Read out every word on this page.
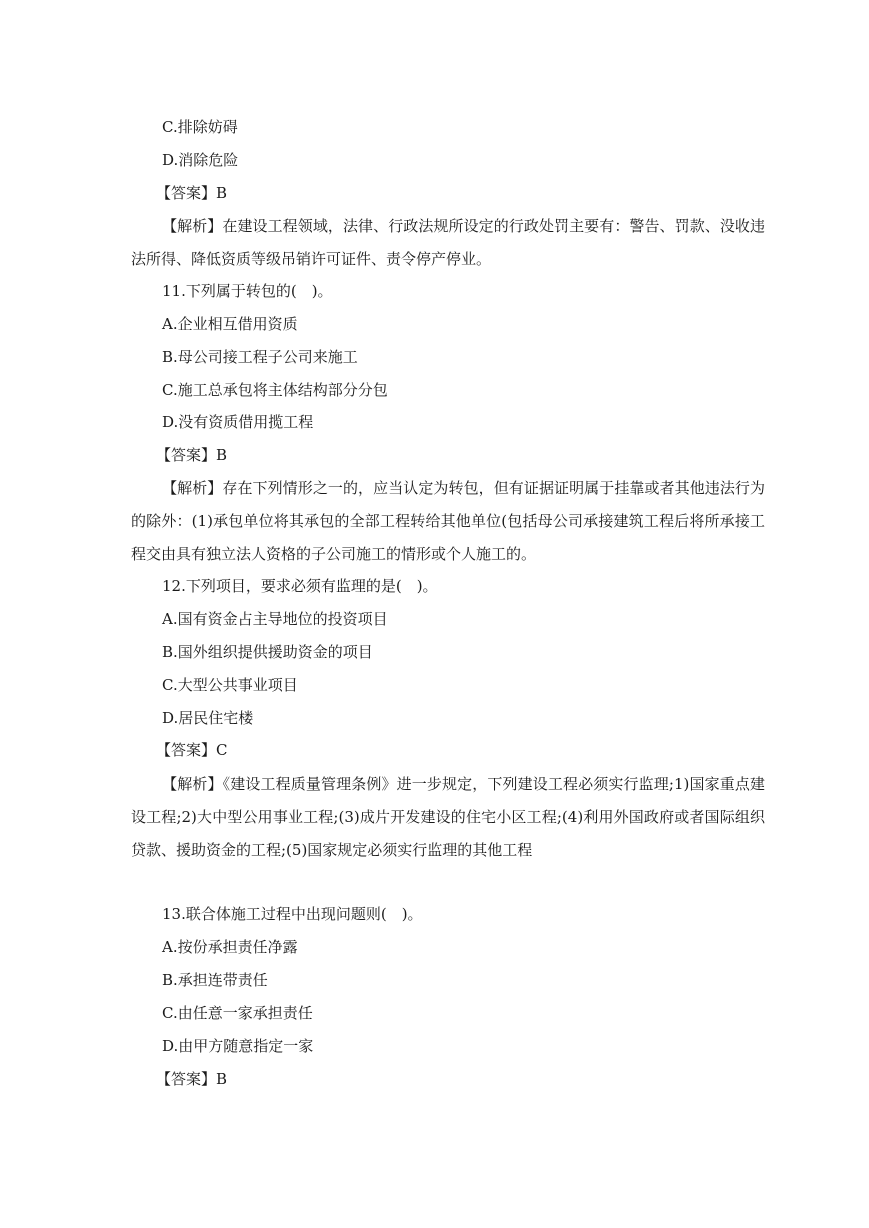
C.排除妨碍
D.消除危险
【答案】B
【解析】在建设工程领域，法律、行政法规所设定的行政处罚主要有：警告、罚款、没收违法所得、降低资质等级吊销许可证件、责令停产停业。
11.下列属于转包的(　)。
A.企业相互借用资质
B.母公司接工程子公司来施工
C.施工总承包将主体结构部分分包
D.没有资质借用揽工程
【答案】B
【解析】存在下列情形之一的，应当认定为转包，但有证据证明属于挂靠或者其他违法行为的除外：(1)承包单位将其承包的全部工程转给其他单位(包括母公司承接建筑工程后将所承接工程交由具有独立法人资格的子公司施工的情形或个人施工的。
12.下列项目，要求必须有监理的是(　)。
A.国有资金占主导地位的投资项目
B.国外组织提供援助资金的项目
C.大型公共事业项目
D.居民住宅楼
【答案】C
【解析】《建设工程质量管理条例》进一步规定，下列建设工程必须实行监理;1)国家重点建设工程;2)大中型公用事业工程;(3)成片开发建设的住宅小区工程;(4)利用外国政府或者国际组织贷款、援助资金的工程;(5)国家规定必须实行监理的其他工程
13.联合体施工过程中出现问题则(　)。
A.按份承担责任净露
B.承担连带责任
C.由任意一家承担责任
D.由甲方随意指定一家
【答案】B
